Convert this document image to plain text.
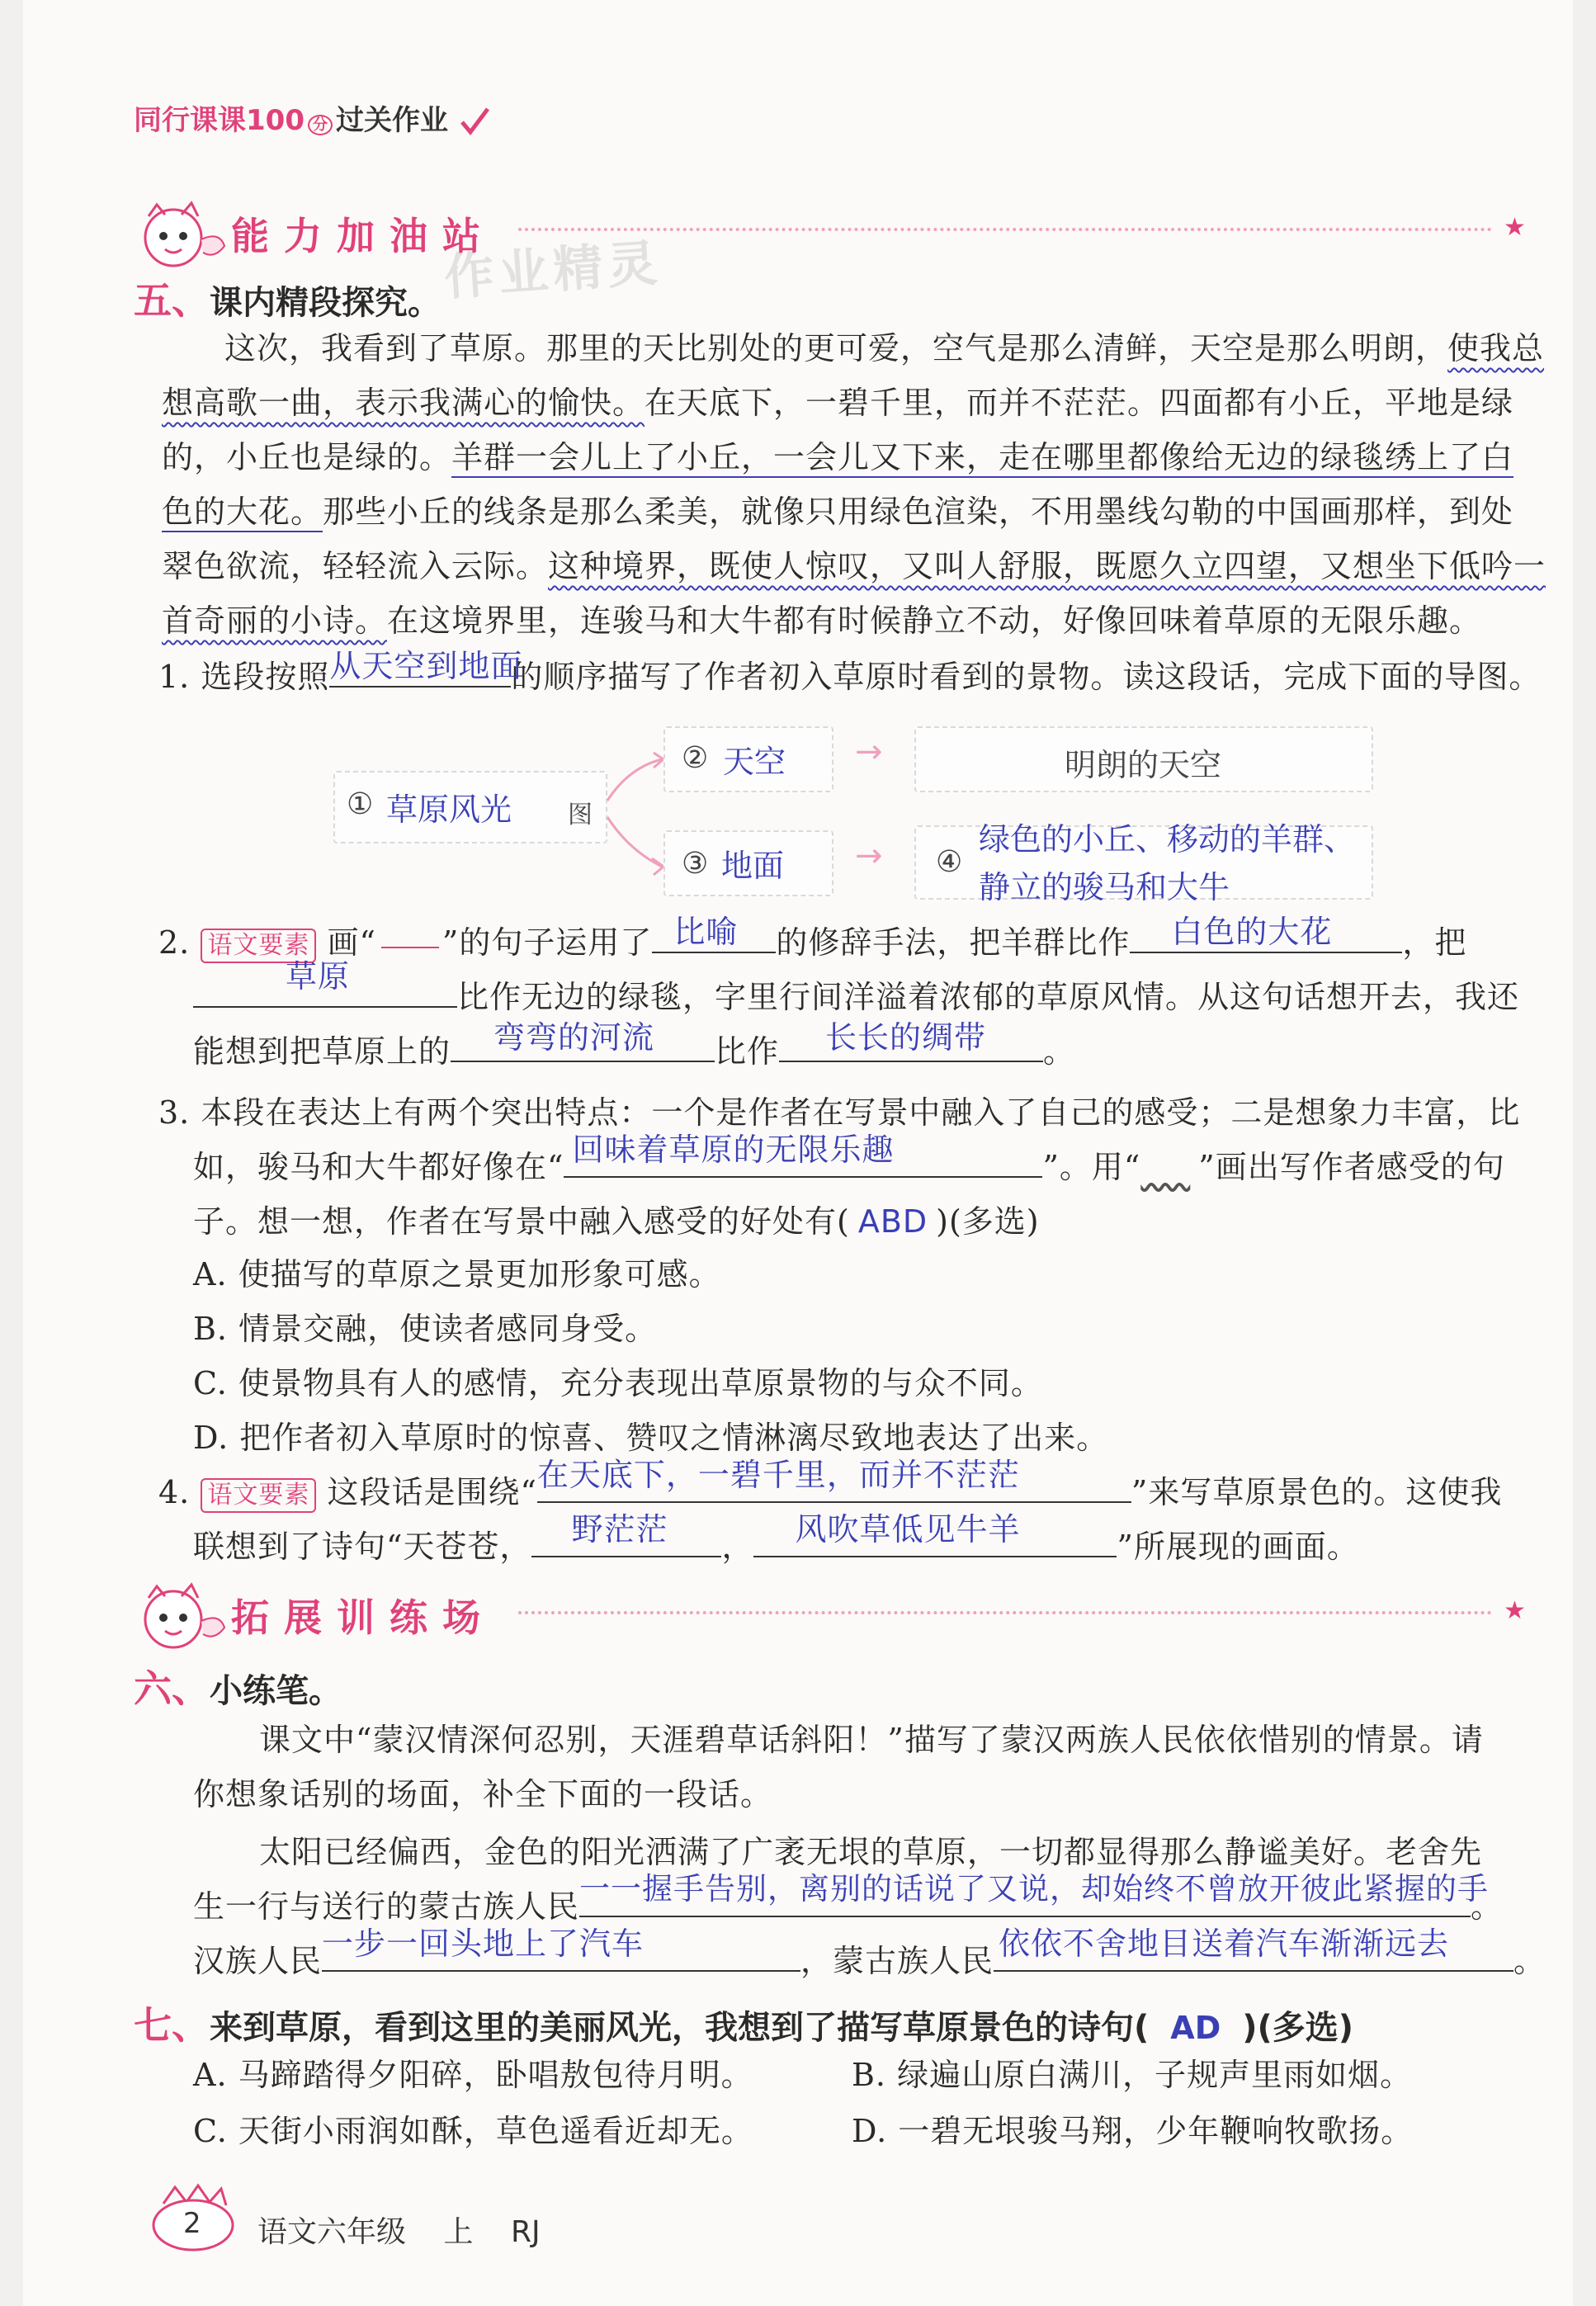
同行课课100 分 过关作业
能力加油站
作业精灵
★
五、课内精段探究。
这次，我看到了草原。那里的天比别处的更可爱，空气是那么清鲜，天空是那么明朗，使我总
想高歌一曲，表示我满心的愉快。在天底下，一碧千里，而并不茫茫。四面都有小丘，平地是绿
的，小丘也是绿的。羊群一会儿上了小丘，一会儿又下来，走在哪里都像给无边的绿毯绣上了白
色的大花。那些小丘的线条是那么柔美，就像只用绿色渲染，不用墨线勾勒的中国画那样，到处
翠色欲流，轻轻流入云际。这种境界，既使人惊叹，又叫人舒服，既愿久立四望，又想坐下低吟一
首奇丽的小诗。在这境界里，连骏马和大牛都有时候静立不动，好像回味着草原的无限乐趣。
1. 选段按照 从天空到地面
的顺序描写了作者初入草原时看到的景物。读这段话，完成下面的导图。
① 草原风光 图
② 天空 →	明朗的天空
③ 地面 → ④
绿色的小丘、移动的羊群、
静立的骏马和大牛
2. 语文要素 画“ ”的句子运用了 比喻 的修辞手法，把羊群比作 白色的大花 ，把
草原
比作无边的绿毯，字里行间洋溢着浓郁的草原风情。从这句话想开去，我还
能想到把草原上的 弯弯的河流 比作 长长的绸带 。
3. 本段在表达上有两个突出特点：一个是作者在写景中融入了自己的感受；二是想象力丰富，比
如，骏马和大牛都好像在“ 回味着草原的无限乐趣	”。用“    ”画出写作者感受的句
子。想一想，作者在写景中融入感受的好处有( ABD )(多选)
A. 使描写的草原之景更加形象可感。
B. 情景交融，使读者感同身受。
C. 使景物具有人的感情，充分表现出草原景物的与众不同。
D. 把作者初入草原时的惊喜、赞叹之情淋漓尽致地表达了出来。
4. 语文要素 这段话是围绕“ 在天底下，一碧千里，而并不茫茫	”来写草原景色的。这使我
联想到了诗句“天苍苍， 野茫茫 ， 风吹草低见牛羊	”所展现的画面。
拓展训练场	★
六、小练笔。
课文中“蒙汉情深何忍别，天涯碧草话斜阳！”描写了蒙汉两族人民依依惜别的情景。请
你想象话别的场面，补全下面的一段话。
太阳已经偏西，金色的阳光洒满了广袤无垠的草原，一切都显得那么静谧美好。老舍先
生一行与送行的蒙古族人民 一一握手告别，离别的话说了又说，却始终不曾放开彼此紧握的手
。
汉族人民 一步一回头地上了汽车	，蒙古族人民 依依不舍地目送着汽车渐渐远去 。
七、来到草原，看到这里的美丽风光，我想到了描写草原景色的诗句( AD )(多选)
A. 马蹄踏得夕阳碎，卧唱敖包待月明。	B. 绿遍山原白满川，子规声里雨如烟。
C. 天街小雨润如酥，草色遥看近却无。	D. 一碧无垠骏马翔，少年鞭响牧歌扬。
2 语文六年级 上 RJ
